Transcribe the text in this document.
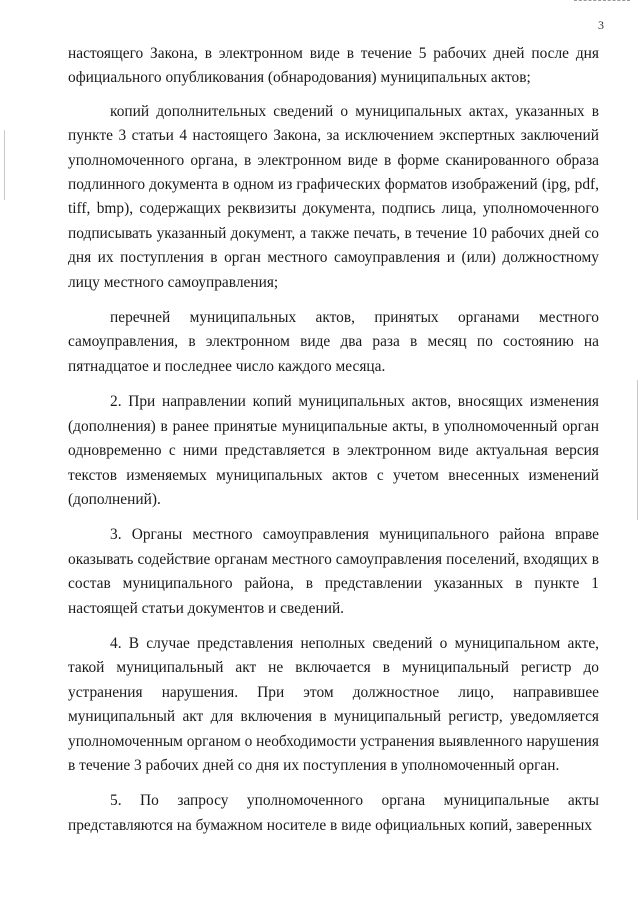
3

настоящего Закона, в электронном виде в течение 5 рабочих дней после дня официального опубликования (обнародования) муниципальных актов;

копий дополнительных сведений о муниципальных актах, указанных в пункте 3 статьи 4 настоящего Закона, за исключением экспертных заключений уполномоченного органа, в электронном виде в форме сканированного образа подлинного документа в одном из графических форматов изображений (ipg, pdf, tiff, bmp), содержащих реквизиты документа, подпись лица, уполномоченного подписывать указанный документ, а также печать, в течение 10 рабочих дней со дня их поступления в орган местного самоуправления и (или) должностному лицу местного самоуправления;

перечней муниципальных актов, принятых органами местного самоуправления, в электронном виде два раза в месяц по состоянию на пятнадцатое и последнее число каждого месяца.

2. При направлении копий муниципальных актов, вносящих изменения (дополнения) в ранее принятые муниципальные акты, в уполномоченный орган одновременно с ними представляется в электронном виде актуальная версия текстов изменяемых муниципальных актов с учетом внесенных изменений (дополнений).

3. Органы местного самоуправления муниципального района вправе оказывать содействие органам местного самоуправления поселений, входящих в состав муниципального района, в представлении указанных в пункте 1 настоящей статьи документов и сведений.

4. В случае представления неполных сведений о муниципальном акте, такой муниципальный акт не включается в муниципальный регистр до устранения нарушения. При этом должностное лицо, направившее муниципальный акт для включения в муниципальный регистр, уведомляется уполномоченным органом о необходимости устранения выявленного нарушения в течение 3 рабочих дней со дня их поступления в уполномоченный орган.

5. По запросу уполномоченного органа муниципальные акты представляются на бумажном носителе в виде официальных копий, заверенных
